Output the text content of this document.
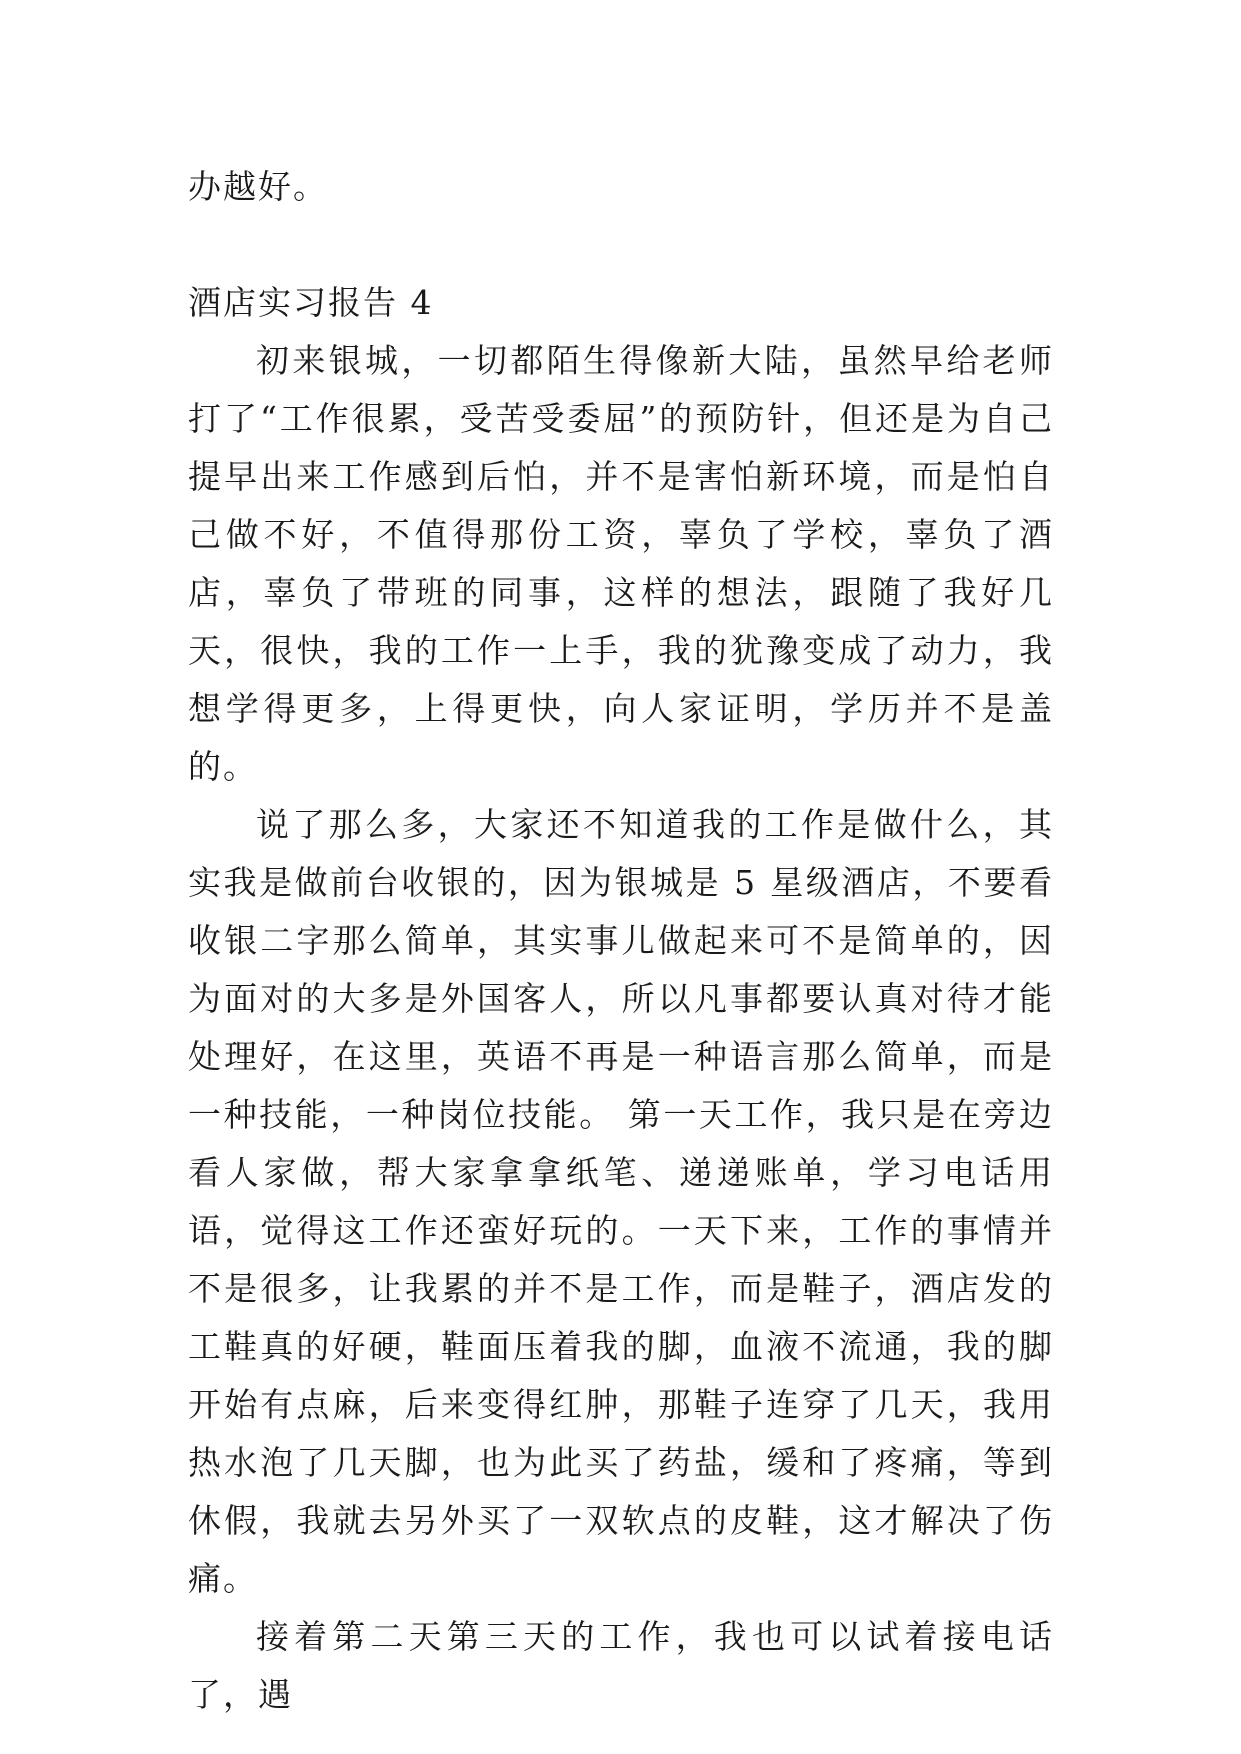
办越好。

酒店实习报告 4

初来银城，一切都陌生得像新大陆，虽然早给老师打了“工作很累，受苦受委屈”的预防针，但还是为自己提早出来工作感到后怕，并不是害怕新环境，而是怕自己做不好，不值得那份工资，辜负了学校，辜负了酒店，辜负了带班的同事，这样的想法，跟随了我好几天，很快，我的工作一上手，我的犹豫变成了动力，我想学得更多，上得更快，向人家证明，学历并不是盖的。

说了那么多，大家还不知道我的工作是做什么，其实我是做前台收银的，因为银城是 5 星级酒店，不要看收银二字那么简单，其实事儿做起来可不是简单的，因为面对的大多是外国客人，所以凡事都要认真对待才能处理好，在这里，英语不再是一种语言那么简单，而是一种技能，一种岗位技能。 第一天工作，我只是在旁边看人家做，帮大家拿拿纸笔、递递账单，学习电话用语，觉得这工作还蛮好玩的。一天下来，工作的事情并不是很多，让我累的并不是工作，而是鞋子，酒店发的工鞋真的好硬，鞋面压着我的脚，血液不流通，我的脚开始有点麻，后来变得红肿，那鞋子连穿了几天，我用热水泡了几天脚，也为此买了药盐，缓和了疼痛，等到休假，我就去另外买了一双软点的皮鞋，这才解决了伤痛。

接着第二天第三天的工作，我也可以试着接电话了，遇
